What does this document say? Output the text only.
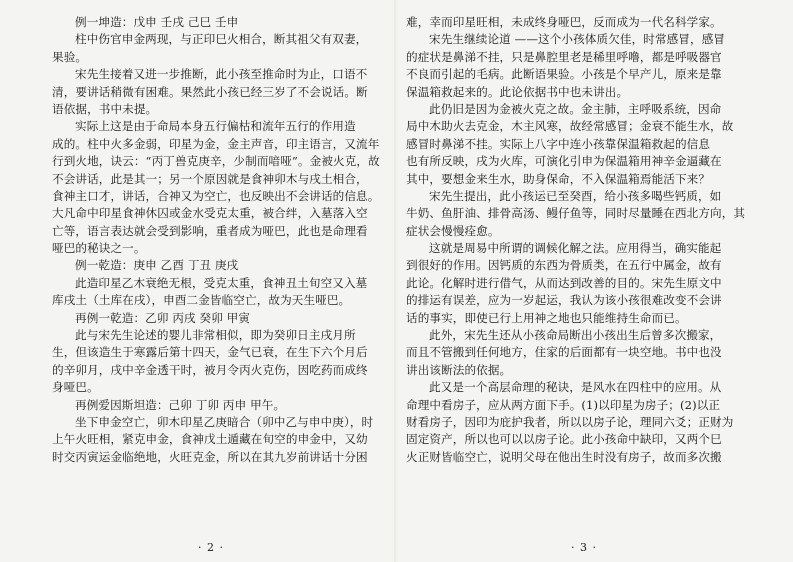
例一坤造：戊申 壬戌 己巳 壬申
柱中伤官申金两现，与正印巳火相合，断其祖父有双妻，
果验。
宋先生接着又进一步推断，此小孩至推命时为止，口语不
清，要讲话稍微有困难。果然此小孩已经三岁了不会说话。断
语依据，书中未提。
实际上这是由于命局本身五行偏枯和流年五行的作用造
成的。柱中火多金弱，印星为金，金主声音，印主语言，又流年
行到火地，诀云：“丙丁兽克庚辛，少制而喑哑”。金被火克，故
不会讲话，此是其一；另一个原因就是食神卯木与戌土相合，
食神主口才，讲话，合神又为空亡，也反映出不会讲话的信息。
大凡命中印星食神休囚或金水受克太重，被合绊，入墓落入空
亡等，语言表达就会受到影响，重者成为哑巴，此也是命理看
哑巴的秘诀之一。
例一乾造：庚申 乙酉 丁丑 庚戌
此造印星乙木衰绝无根，受克太重，食神丑土旬空又入墓
库戌土（土库在戌），申酉二金皆临空亡，故为天生哑巴。
再例一乾造：乙卯 丙戌 癸卯 甲寅
此与宋先生论述的婴儿非常相似，即为癸卯日主戌月所
生，但该造生于寒露后第十四天，金气已衰，在生下六个月后
的辛卯月，戌中辛金透干时，被月令丙火克伤，因吃药而成终
身哑巴。
再例爱因斯坦造：己卯 丁卯 丙申 甲午。
坐下申金空亡，卯木印星乙庚暗合（卯中乙与申中庚），时
上午火旺相，紧克申金，食神戊土遁藏在旬空的申金中，又幼
时交丙寅运金临绝地，火旺克金，所以在其九岁前讲话十分困
· 2 ·
难，幸而印星旺相，未成终身哑巴，反而成为一代名科学家。
宋先生继续论道 ——这个小孩体质欠佳，时常感冒，感冒
的症状是鼻涕不挂，只是鼻腔里老是稀里呼噜，都是呼吸器官
不良而引起的毛病。此断语果验。小孩是个早产儿，原来是靠
保温箱救起来的。此论依据书中也未讲出。
此仍旧是因为金被火克之故。金主肺，主呼吸系统，因命
局中木助火去克金，木主风寒，故经常感冒；金衰不能生水，故
感冒时鼻涕不挂。实际上八字中连小孩靠保温箱救起的信息
也有所反映，戌为火库，可演化引申为保温箱用神辛金逼藏在
其中，要想金来生水，助身保命，不入保温箱焉能活下来？
宋先生提出，此小孩运已至癸酉，给小孩多喝些钙质，如
牛奶、鱼肝油、排骨高汤、鳗仔鱼等，同时尽量睡在西北方向，其
症状会慢慢痊愈。
这就是周易中所谓的调候化解之法。应用得当，确实能起
到很好的作用。因钙质的东西为骨质类，在五行中属金，故有
此论。化解时进行借气，从而达到改善的目的。宋先生原文中
的排运有误差，应为一岁起运，我认为该小孩很难改变不会讲
话的事实，即使已行上用神之地也只能维持生命而已。
此外，宋先生还从小孩命局断出小孩出生后曾多次搬家，
而且不管搬到任何地方，住家的后面都有一块空地。书中也没
讲出该断法的依据。
此又是一个高层命理的秘诀，是风水在四柱中的应用。从
命理中看房子，应从两方面下手。(1)以印星为房子；(2)以正
财看房子，因印为庇护我者，所以以房子论，理同六爻；正财为
固定资产，所以也可以以房子论。此小孩命中缺印，又两个巳
火正财皆临空亡，说明父母在他出生时没有房子，故而多次搬
· 3 ·
